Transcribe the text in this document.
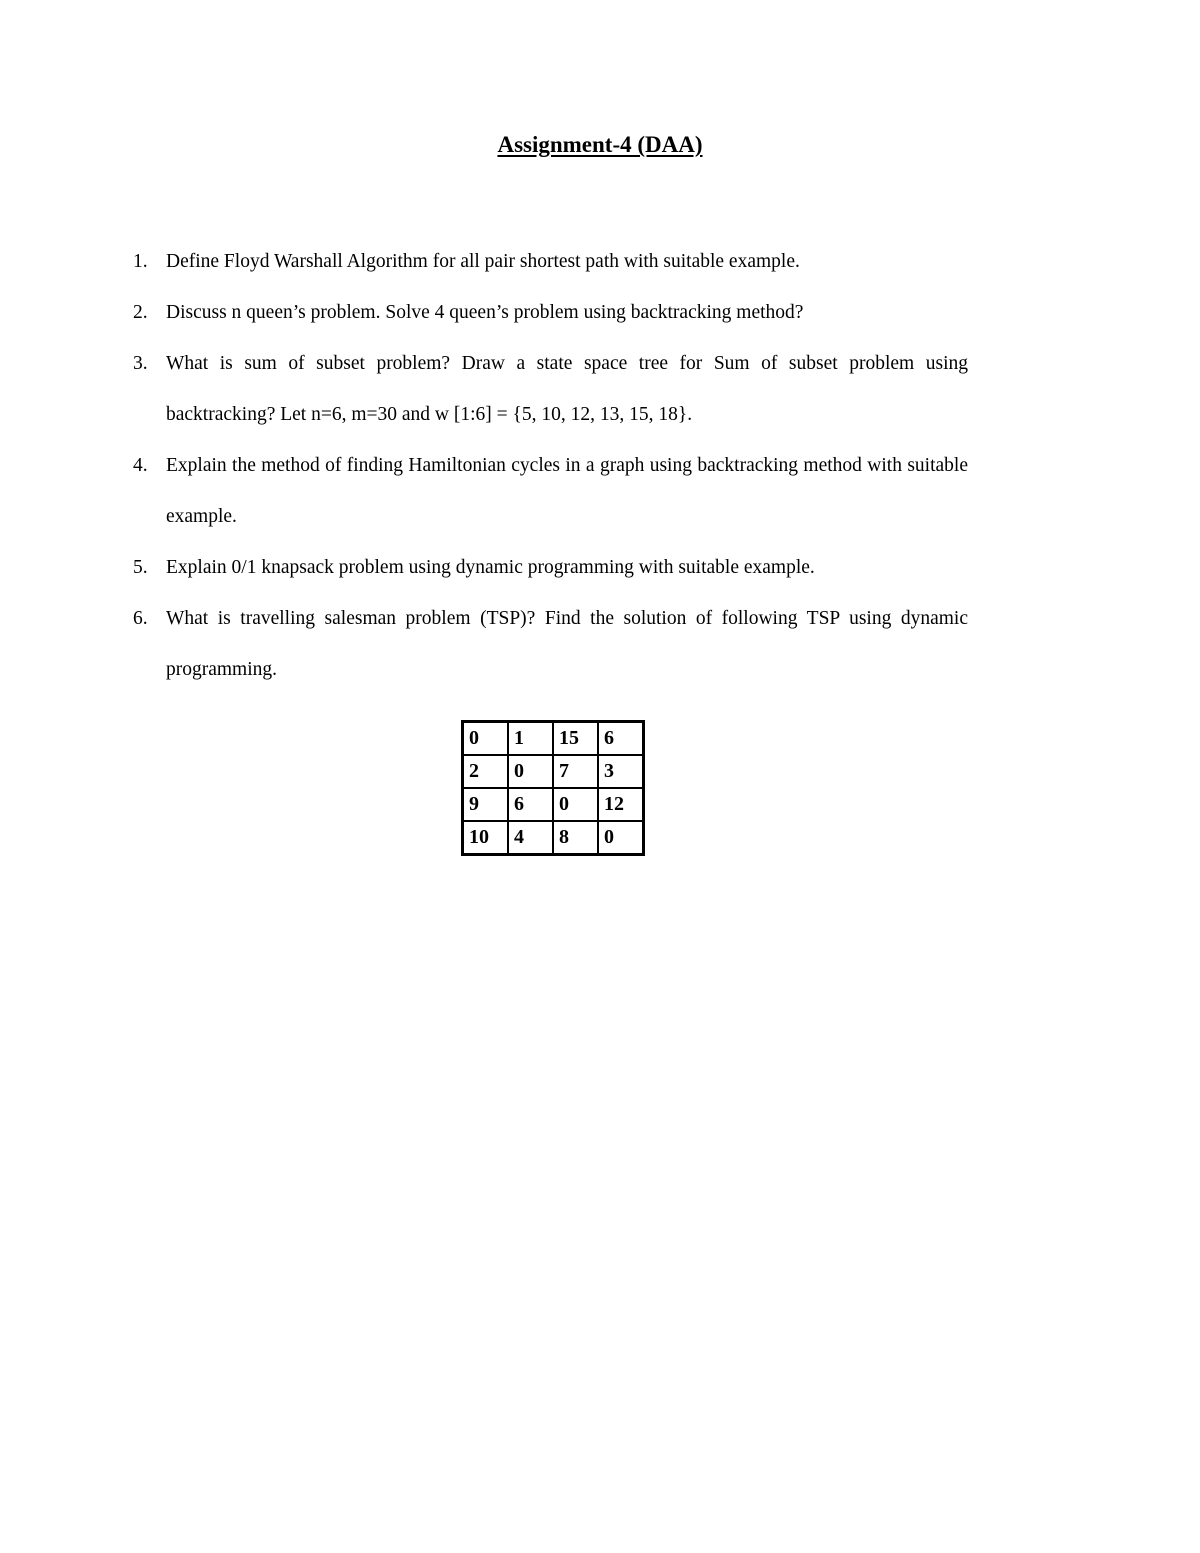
Assignment-4 (DAA)
1. Define Floyd Warshall Algorithm for all pair shortest path with suitable example.
2. Discuss n queen’s problem. Solve 4 queen’s problem using backtracking method?
3. What is sum of subset problem? Draw a state space tree for Sum of subset problem using backtracking? Let n=6, m=30 and w [1:6] = {5, 10, 12, 13, 15, 18}.
4. Explain the method of finding Hamiltonian cycles in a graph using backtracking method with suitable example.
5. Explain 0/1 knapsack problem using dynamic programming with suitable example.
6. What is travelling salesman problem (TSP)? Find the solution of following TSP using dynamic programming.
0	1	15	6
2	0	7	3
9	6	0	12
10	4	8	0
